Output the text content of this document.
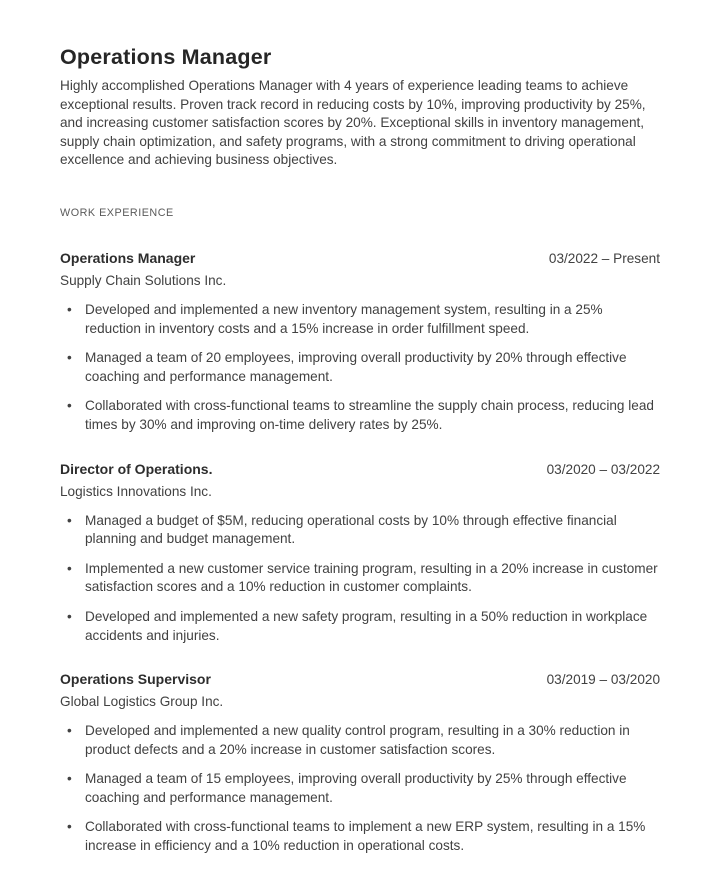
Operations Manager

Highly accomplished Operations Manager with 4 years of experience leading teams to achieve exceptional results. Proven track record in reducing costs by 10%, improving productivity by 25%, and increasing customer satisfaction scores by 20%. Exceptional skills in inventory management, supply chain optimization, and safety programs, with a strong commitment to driving operational excellence and achieving business objectives.

WORK EXPERIENCE
Operations Manager	03/2022 – Present
Supply Chain Solutions Inc.
• Developed and implemented a new inventory management system, resulting in a 25% reduction in inventory costs and a 15% increase in order fulfillment speed.
• Managed a team of 20 employees, improving overall productivity by 20% through effective coaching and performance management.
• Collaborated with cross-functional teams to streamline the supply chain process, reducing lead times by 30% and improving on-time delivery rates by 25%.
Director of Operations.	03/2020 – 03/2022
Logistics Innovations Inc.
• Managed a budget of $5M, reducing operational costs by 10% through effective financial planning and budget management.
• Implemented a new customer service training program, resulting in a 20% increase in customer satisfaction scores and a 10% reduction in customer complaints.
• Developed and implemented a new safety program, resulting in a 50% reduction in workplace accidents and injuries.
Operations Supervisor	03/2019 – 03/2020
Global Logistics Group Inc.
• Developed and implemented a new quality control program, resulting in a 30% reduction in product defects and a 20% increase in customer satisfaction scores.
• Managed a team of 15 employees, improving overall productivity by 25% through effective coaching and performance management.
• Collaborated with cross-functional teams to implement a new ERP system, resulting in a 15% increase in efficiency and a 10% reduction in operational costs.
